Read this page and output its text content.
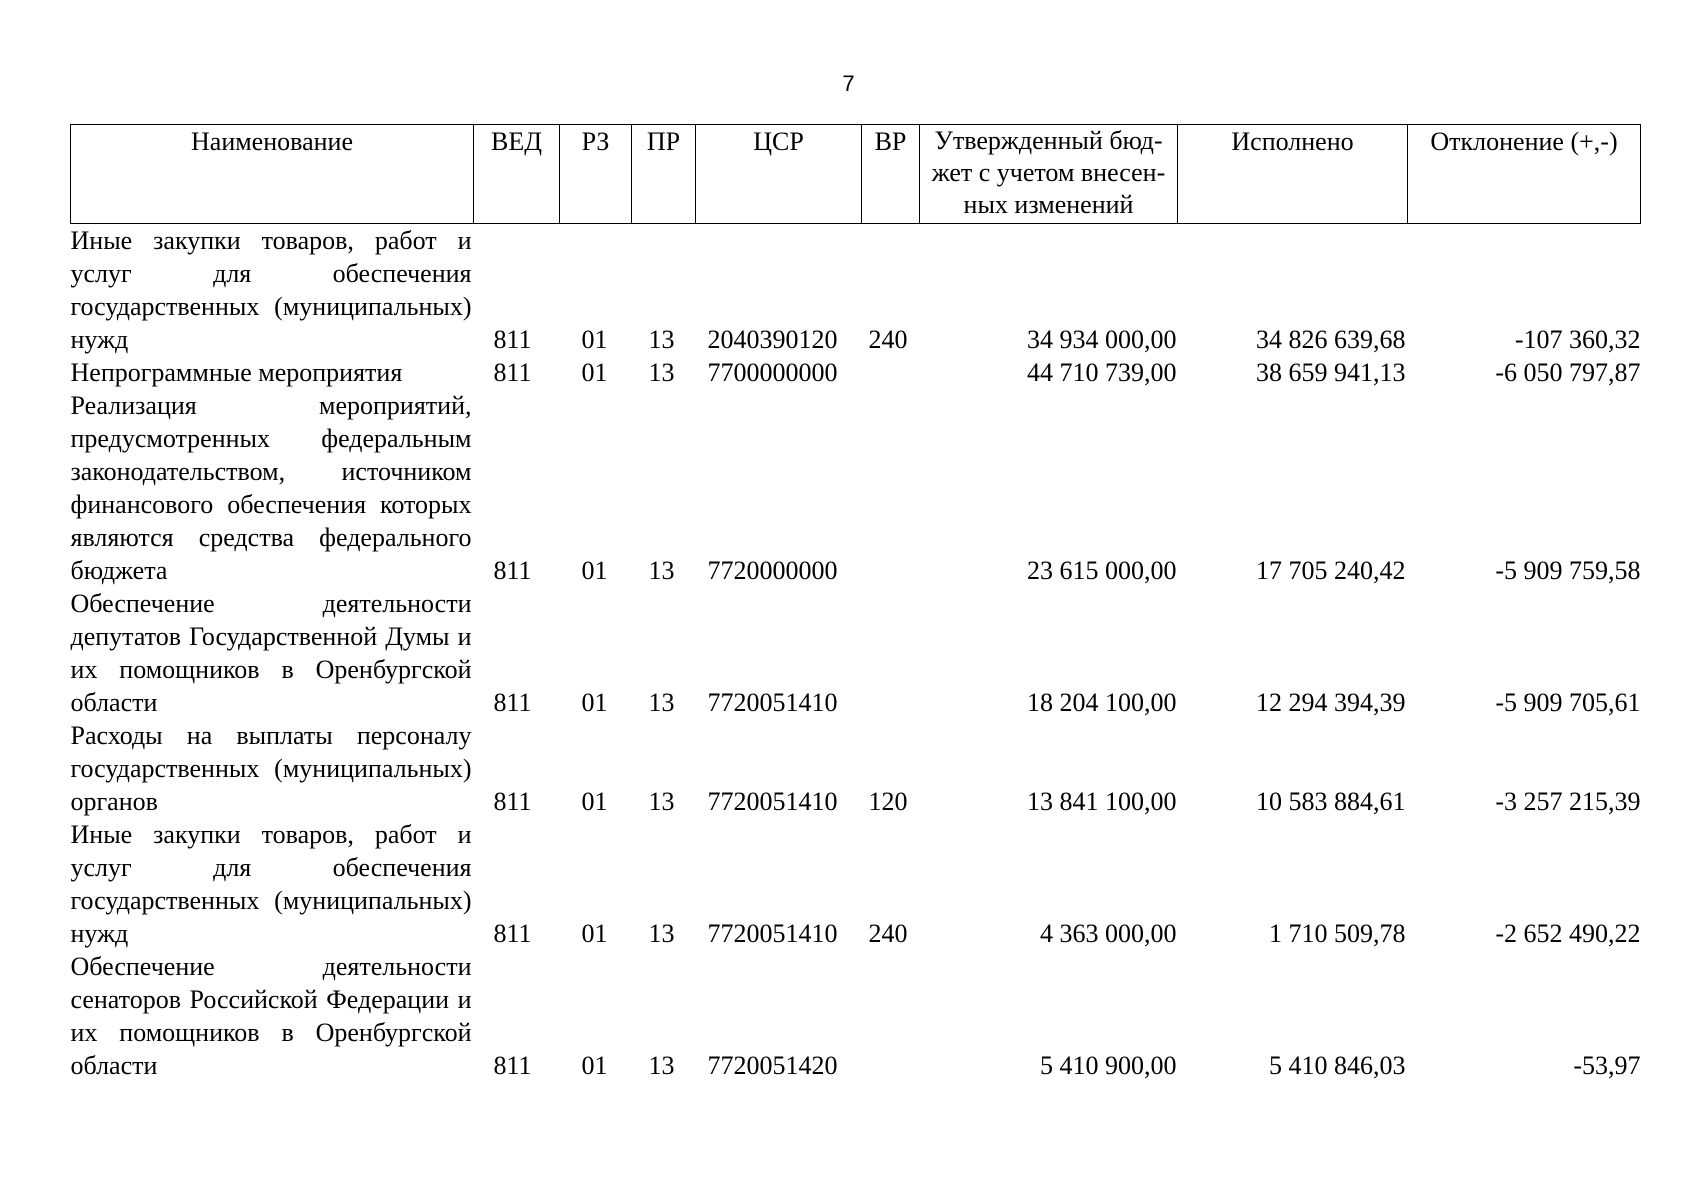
7
Наименование	ВЕД	РЗ	ПР	ЦСР	ВР	Утвержденный бюд-жет с учетом внесен-ных изменений	Исполнено	Отклонение (+,-)
Иные закупки товаров, работ и услуг для обеспечения государственных (муниципальных) нужд	811	01	13	2040390120	240	34 934 000,00	34 826 639,68	-107 360,32
Непрограммные мероприятия	811	01	13	7700000000		44 710 739,00	38 659 941,13	-6 050 797,87
Реализация мероприятий, предусмотренных федеральным законодательством, источником финансового обеспечения которых являются средства федерального бюджета	811	01	13	7720000000		23 615 000,00	17 705 240,42	-5 909 759,58
Обеспечение деятельности депутатов Государственной Думы и их помощников в Оренбургской области	811	01	13	7720051410		18 204 100,00	12 294 394,39	-5 909 705,61
Расходы на выплаты персоналу государственных (муниципальных) органов	811	01	13	7720051410	120	13 841 100,00	10 583 884,61	-3 257 215,39
Иные закупки товаров, работ и услуг для обеспечения государственных (муниципальных) нужд	811	01	13	7720051410	240	4 363 000,00	1 710 509,78	-2 652 490,22
Обеспечение деятельности сенаторов Российской Федерации и их помощников в Оренбургской области	811	01	13	7720051420		5 410 900,00	5 410 846,03	-53,97
